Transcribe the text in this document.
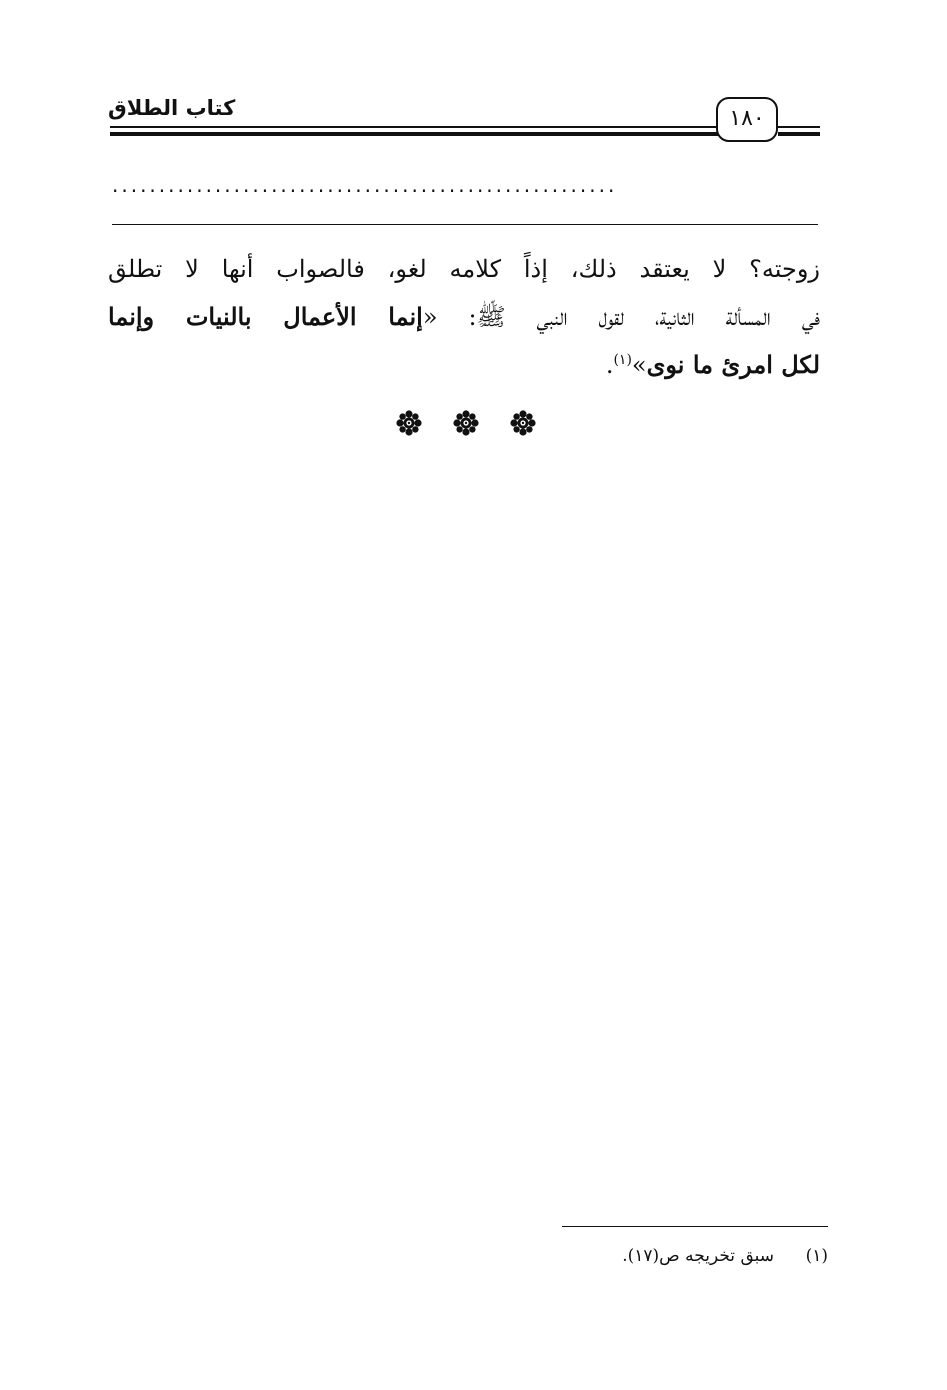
كتاب الطلاق	١٨٠
......................................................
زوجته؟ لا يعتقد ذلك، إذاً كلامه لغو، فالصواب أنها لا تطلق
في المسألة الثانية، لقول النبي ﷺ: «إنما الأعمال بالنيات وإنما
لكل امرئ ما نوى»$^{(١)}$.
(١)سبق تخريجه ص(١٧).
